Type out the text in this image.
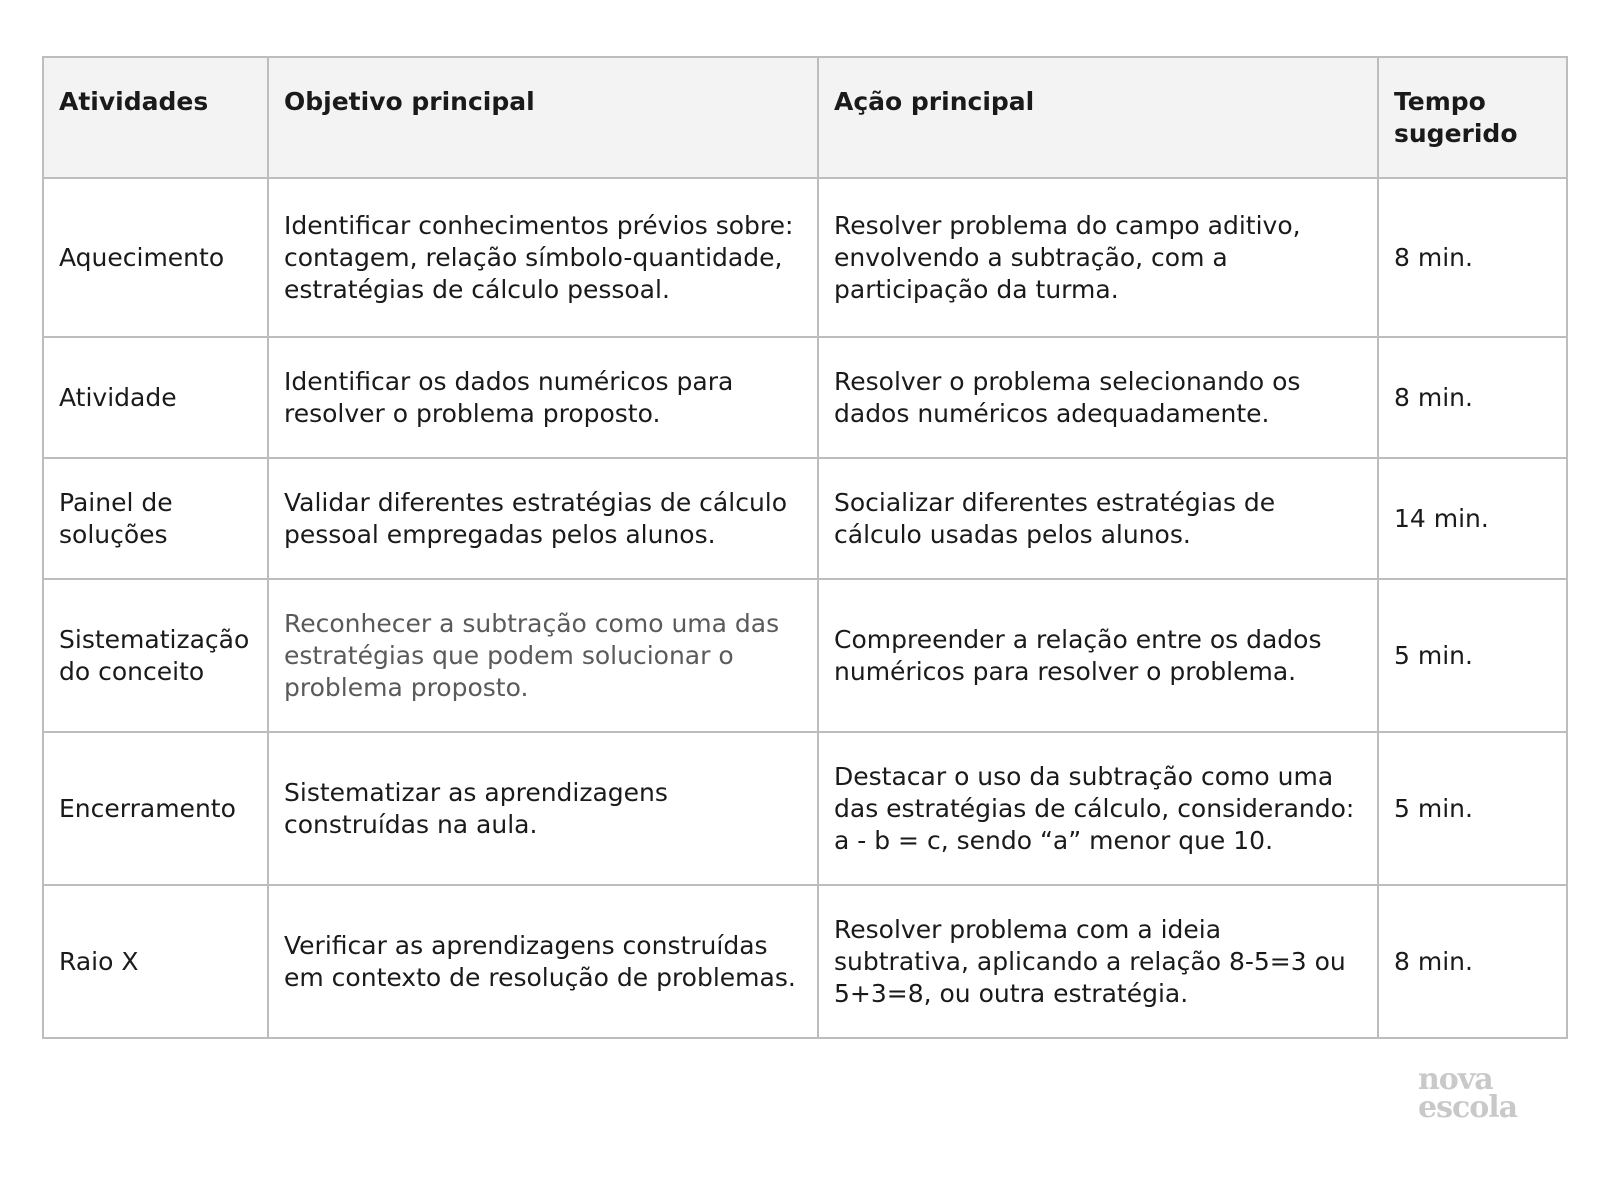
Atividades	Objetivo principal	Ação principal	Tempo sugerido
Aquecimento	Identificar conhecimentos prévios sobre: contagem, relação símbolo-quantidade, estratégias de cálculo pessoal.	Resolver problema do campo aditivo, envolvendo a subtração, com a participação da turma.	8 min.
Atividade	Identificar os dados numéricos para resolver o problema proposto.	Resolver o problema selecionando os dados numéricos adequadamente.	8 min.
Painel de soluções	Validar diferentes estratégias de cálculo pessoal empregadas pelos alunos.	Socializar diferentes estratégias de cálculo usadas pelos alunos.	14 min.
Sistematização do conceito	Reconhecer a subtração como uma das estratégias que podem solucionar o problema proposto.	Compreender a relação entre os dados numéricos para resolver o problema.	5 min.
Encerramento	Sistematizar as aprendizagens construídas na aula.	Destacar o uso da subtração como uma das estratégias de cálculo, considerando: a - b = c, sendo “a” menor que 10.	5 min.
Raio X	Verificar as aprendizagens construídas em contexto de resolução de problemas.	Resolver problema com a ideia subtrativa, aplicando a relação 8-5=3 ou 5+3=8, ou outra estratégia.	8 min.
nova
escola
